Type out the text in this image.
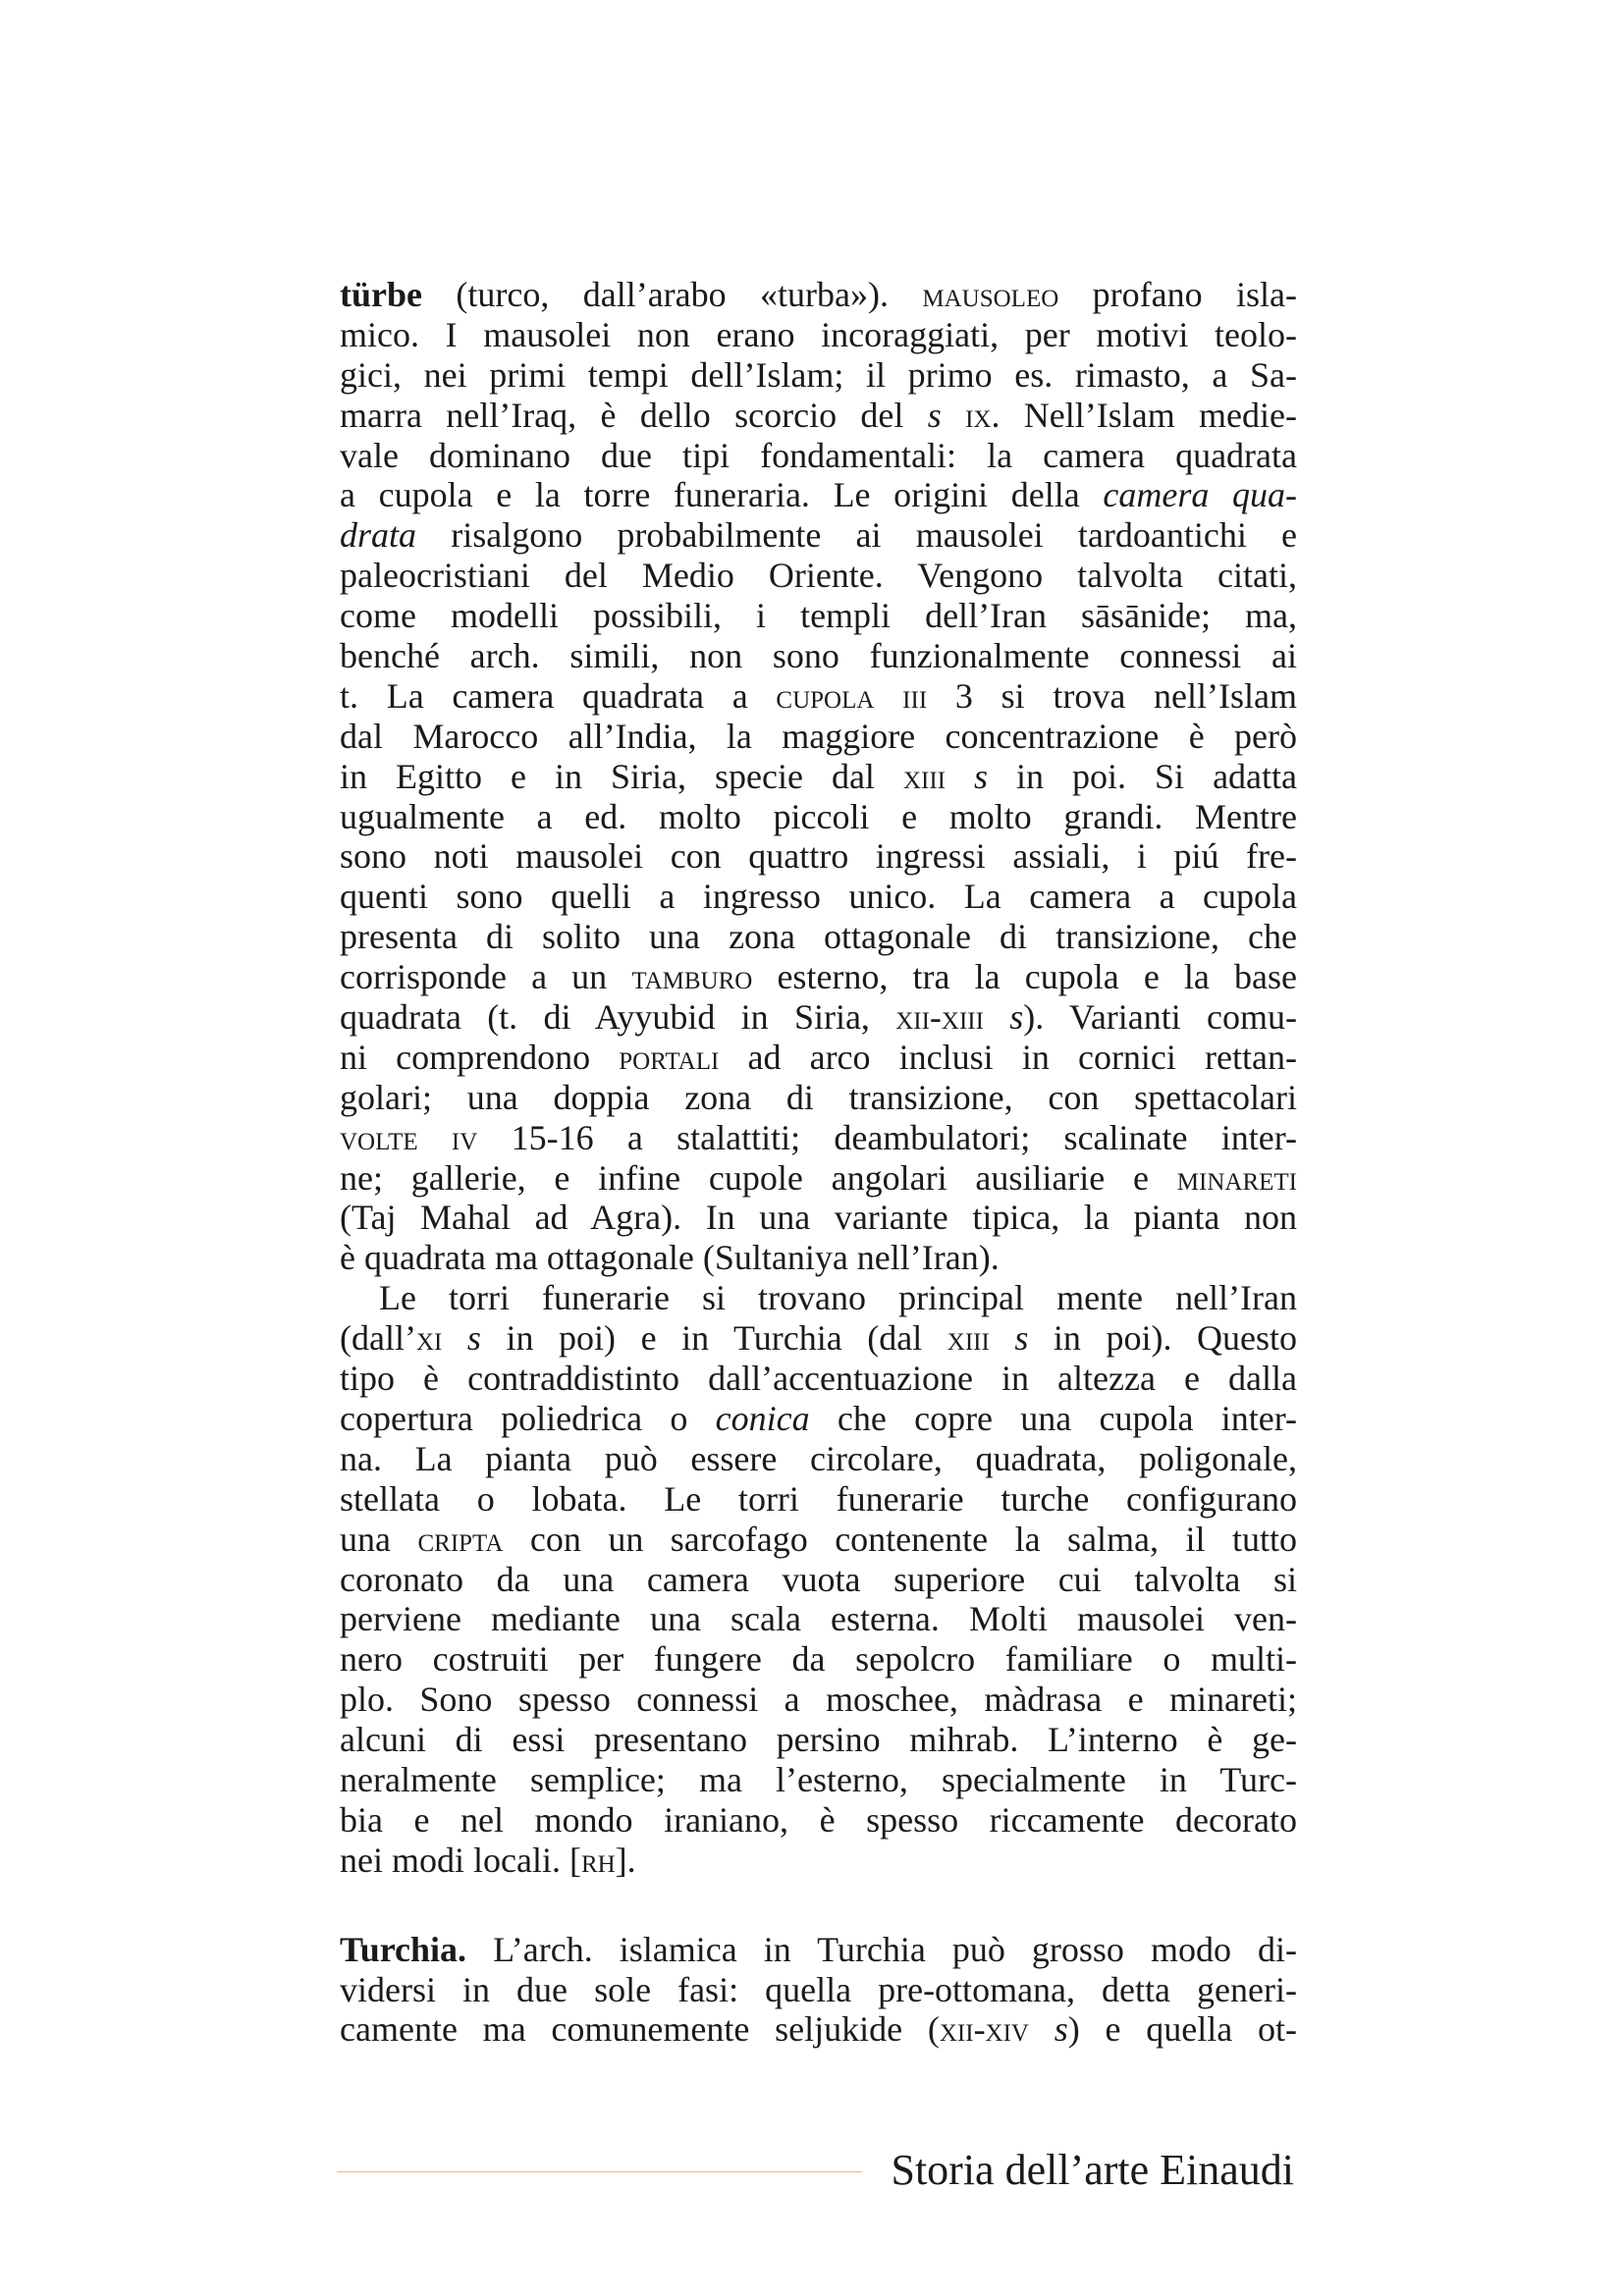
türbe (turco, dall’arabo «turba»). mausoleo profano isla-
mico. I mausolei non erano incoraggiati, per motivi teolo-
gici, nei primi tempi dell’Islam; il primo es. rimasto, a Sa-
marra nell’Iraq, è dello scorcio del s ix. Nell’Islam medie-
vale dominano due tipi fondamentali: la camera quadrata
a cupola e la torre funeraria. Le origini della camera qua-
drata risalgono probabilmente ai mausolei tardoantichi e
paleocristiani del Medio Oriente. Vengono talvolta citati,
come modelli possibili, i templi dell’Iran sāsānide; ma,
benché arch. simili, non sono funzionalmente connessi ai
t. La camera quadrata a cupola iii 3 si trova nell’Islam
dal Marocco all’India, la maggiore concentrazione è però
in Egitto e in Siria, specie dal xiii s in poi. Si adatta
ugualmente a ed. molto piccoli e molto grandi. Mentre
sono noti mausolei con quattro ingressi assiali, i piú fre-
quenti sono quelli a ingresso unico. La camera a cupola
presenta di solito una zona ottagonale di transizione, che
corrisponde a un tamburo esterno, tra la cupola e la base
quadrata (t. di Ayyubid in Siria, xii-xiii s). Varianti comu-
ni comprendono portali ad arco inclusi in cornici rettan-
golari; una doppia zona di transizione, con spettacolari
volte iv 15-16 a stalattiti; deambulatori; scalinate inter-
ne; gallerie, e infine cupole angolari ausiliarie e minareti
(Taj Mahal ad Agra). In una variante tipica, la pianta non
è quadrata ma ottagonale (Sultaniya nell’Iran).
Le torri funerarie si trovano principal mente nell’Iran
(dall’xi s in poi) e in Turchia (dal xiii s in poi). Questo
tipo è contraddistinto dall’accentuazione in altezza e dalla
copertura poliedrica o conica che copre una cupola inter-
na. La pianta può essere circolare, quadrata, poligonale,
stellata o lobata. Le torri funerarie turche configurano
una cripta con un sarcofago contenente la salma, il tutto
coronato da una camera vuota superiore cui talvolta si
perviene mediante una scala esterna. Molti mausolei ven-
nero costruiti per fungere da sepolcro familiare o multi-
plo. Sono spesso connessi a moschee, màdrasa e minareti;
alcuni di essi presentano persino mihrab. L’interno è ge-
neralmente semplice; ma l’esterno, specialmente in Turc-
bia e nel mondo iraniano, è spesso riccamente decorato
nei modi locali. [rh].
Turchia. L’arch. islamica in Turchia può grosso modo di-
vidersi in due sole fasi: quella pre-ottomana, detta generi-
camente ma comunemente seljukide (xii-xiv s) e quella ot-
Storia dell’arte Einaudi
